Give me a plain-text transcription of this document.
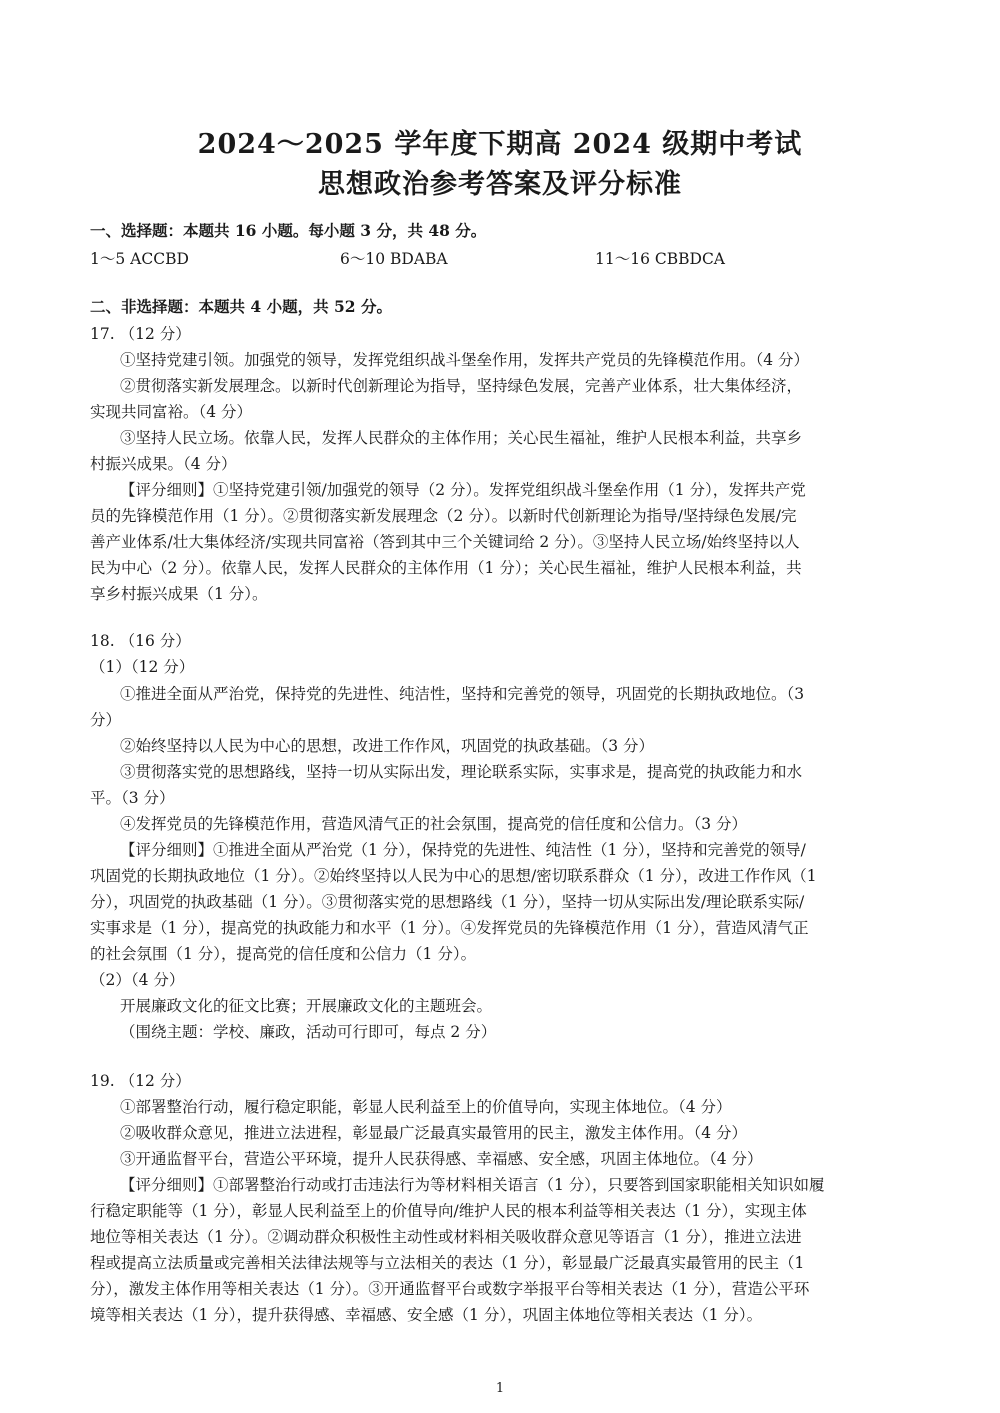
2024～2025 学年度下期高 2024 级期中考试
思想政治参考答案及评分标准
一、选择题：本题共 16 小题。每小题 3 分，共 48 分。
1～5 ACCBD	6～10 BDABA	11～16 CBBDCA
二、非选择题：本题共 4 小题，共 52 分。
17. （12 分）
①坚持党建引领。加强党的领导，发挥党组织战斗堡垒作用，发挥共产党员的先锋模范作用。（4 分）
②贯彻落实新发展理念。以新时代创新理论为指导，坚持绿色发展，完善产业体系，壮大集体经济，
实现共同富裕。（4 分）
③坚持人民立场。依靠人民，发挥人民群众的主体作用；关心民生福祉，维护人民根本利益，共享乡
村振兴成果。（4 分）
【评分细则】①坚持党建引领/加强党的领导（2 分）。发挥党组织战斗堡垒作用（1 分），发挥共产党
员的先锋模范作用（1 分）。②贯彻落实新发展理念（2 分）。以新时代创新理论为指导/坚持绿色发展/完
善产业体系/壮大集体经济/实现共同富裕（答到其中三个关键词给 2 分）。③坚持人民立场/始终坚持以人
民为中心（2 分）。依靠人民，发挥人民群众的主体作用（1 分）；关心民生福祉，维护人民根本利益，共
享乡村振兴成果（1 分）。
18. （16 分）
（1）（12 分）
①推进全面从严治党，保持党的先进性、纯洁性，坚持和完善党的领导，巩固党的长期执政地位。（3
分）
②始终坚持以人民为中心的思想，改进工作作风，巩固党的执政基础。（3 分）
③贯彻落实党的思想路线，坚持一切从实际出发，理论联系实际，实事求是，提高党的执政能力和水
平。（3 分）
④发挥党员的先锋模范作用，营造风清气正的社会氛围，提高党的信任度和公信力。（3 分）
【评分细则】①推进全面从严治党（1 分），保持党的先进性、纯洁性（1 分），坚持和完善党的领导/
巩固党的长期执政地位（1 分）。②始终坚持以人民为中心的思想/密切联系群众（1 分），改进工作作风（1
分），巩固党的执政基础（1 分）。③贯彻落实党的思想路线（1 分），坚持一切从实际出发/理论联系实际/
实事求是（1 分），提高党的执政能力和水平（1 分）。④发挥党员的先锋模范作用（1 分），营造风清气正
的社会氛围（1 分），提高党的信任度和公信力（1 分）。
（2）（4 分）
开展廉政文化的征文比赛；开展廉政文化的主题班会。
（围绕主题：学校、廉政，活动可行即可，每点 2 分）
19. （12 分）
①部署整治行动，履行稳定职能，彰显人民利益至上的价值导向，实现主体地位。（4 分）
②吸收群众意见，推进立法进程，彰显最广泛最真实最管用的民主，激发主体作用。（4 分）
③开通监督平台，营造公平环境，提升人民获得感、幸福感、安全感，巩固主体地位。（4 分）
【评分细则】①部署整治行动或打击违法行为等材料相关语言（1 分），只要答到国家职能相关知识如履
行稳定职能等（1 分），彰显人民利益至上的价值导向/维护人民的根本利益等相关表达（1 分），实现主体
地位等相关表达（1 分）。②调动群众积极性主动性或材料相关吸收群众意见等语言（1 分），推进立法进
程或提高立法质量或完善相关法律法规等与立法相关的表达（1 分），彰显最广泛最真实最管用的民主（1
分），激发主体作用等相关表达（1 分）。③开通监督平台或数字举报平台等相关表达（1 分），营造公平环
境等相关表达（1 分），提升获得感、幸福感、安全感（1 分），巩固主体地位等相关表达（1 分）。
1
